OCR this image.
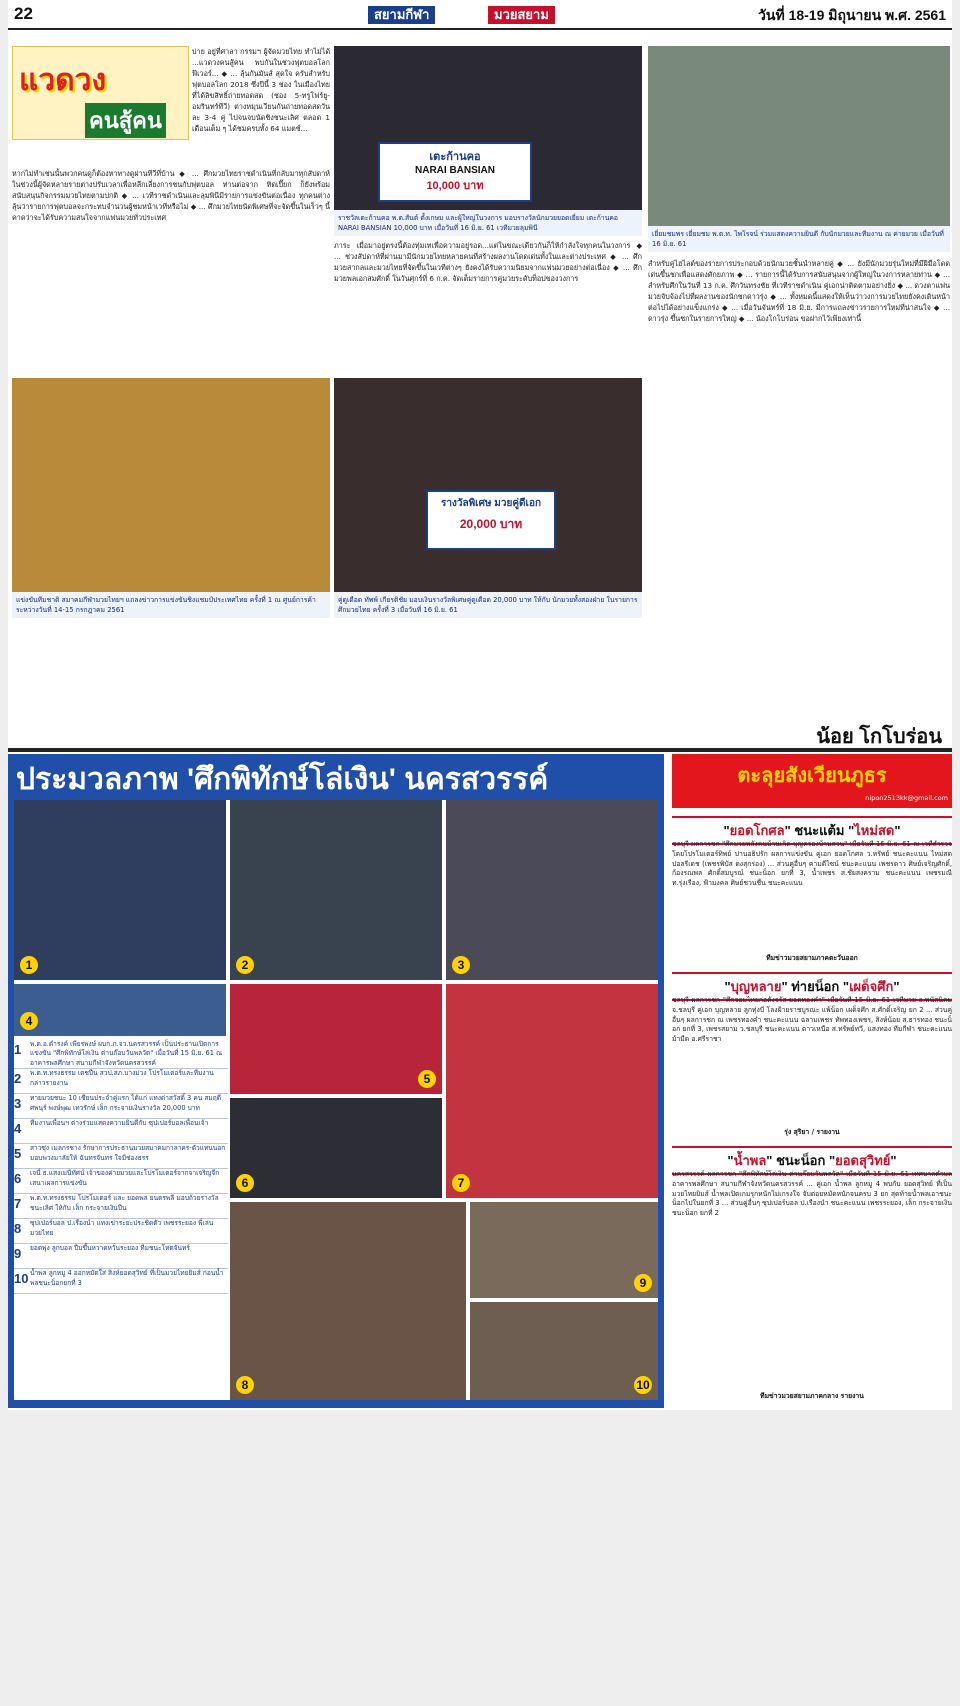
22	สยามกีฬา	มวยสยาม	วันที่ 18-19 มิถุนายน พ.ศ. 2561
แวดวง
คนสู้คน
บ่าย อยู่ที่ศาลา กรรมฯ ผู้จัดมวยไทย ทำไม่ได้ ...แวดวงคนสู้คน พบกันในช่วงฟุตบอลโลก ฟีเวอร์... ◆ ... ลุ้นกันมันส์ สุดใจ ครับสำหรับฟุตบอลโลก 2018 ซึ่งปีนี้ 3 ช่อง ในเมืองไทยที่ได้ลิขสิทธิ์ถ่ายทอดสด (ช่อง 5-ทรูโฟร์ยู-อมรินทร์ทีวี) ต่างหมุนเวียนกันถ่ายทอดสดวันละ 3-4 คู่ ไปจนจบนัดชิงชนะเลิศ ตลอด 1 เดือนเต็ม ๆ ได้ชมครบทั้ง 64 แมตช์...
หากไม่ทำเช่นนั้นพวกคนดูก็ต้องหาทางดูผ่านทีวีที่บ้าน ◆ ... ศึกมวยไทยราชดำเนินที่กลับมาทุกสัปดาห์ ในช่วงนี้ผู้จัดหลายรายต่างปรับเวลาเพื่อหลีกเลี่ยงการชนกับฟุตบอล ท่านต่อจาก ทิดเปี๊ยก ก็ยังพร้อมสนับสนุนกิจกรรมมวยไทยตามปกติ ◆ ... เวทีราชดำเนินและลุมพินีมีรายการแข่งขันต่อเนื่อง ทุกคนต่างลุ้นว่ารายการฟุตบอลจะกระทบจำนวนผู้ชมหน้าเวทีหรือไม่ ◆ ... ศึกมวยไทยนัดพิเศษที่จะจัดขึ้นในเร็วๆ นี้ คาดว่าจะได้รับความสนใจจากแฟนมวยทั่วประเทศ
เตะก้านคอ
NARAI BANSIAN
10,000 บาท
ราชวัลเตะก้านคอ พ.ต.สันต์ ตั้งเกษม และผู้ใหญ่ในวงการ มอบรางวัลนักมวยยอดเยี่ยม เตะก้านคอ NARAI BANSIAN 10,000 บาท เมื่อวันที่ 16 มิ.ย. 61 เวทีมวยลุมพินี
เยี่ยมชมพร เยี่ยมชม พ.ต.ท. ไพโรจน์ ร่วมแสดงความยินดี กับนักมวยและทีมงาน ณ ค่ายมวย เมื่อวันที่ 16 มิ.ย. 61
ภาระ เมื่อมาอยู่ตรงนี้ต้องทุ่มเทเพื่อความอยู่รอด...แต่ในขณะเดียวกันก็ให้กำลังใจทุกคนในวงการ ◆ ... ช่วงสัปดาห์ที่ผ่านมามีนักมวยไทยหลายคนที่สร้างผลงานโดดเด่นทั้งในและต่างประเทศ ◆ ... ศึกมวยสากลและมวยไทยที่จัดขึ้นในเวทีต่างๆ ยังคงได้รับความนิยมจากแฟนมวยอย่างต่อเนื่อง ◆ ... ศึกมวยพลเอกสมศักดิ์ ในวันศุกร์ที่ 6 ก.ค. จัดเต็มรายการคู่มวยระดับท็อปของวงการ
สำหรับคู่ไฮไลต์ของรายการประกอบด้วยนักมวยชั้นนำหลายคู่ ◆ ... ยังมีนักมวยรุ่นใหม่ที่มีฝีมือโดดเด่นขึ้นชกเพื่อแสดงศักยภาพ ◆ ... รายการนี้ได้รับการสนับสนุนจากผู้ใหญ่ในวงการหลายท่าน ◆ ... สำหรับศึกในวันที่ 13 ก.ค. ศึกวันทรงชัย ที่เวทีราชดำเนิน คู่เอกน่าติดตามอย่างยิ่ง ◆ ... ดวงตาแฟนมวยจับจ้องไปที่ผลงานของนักชกดาวรุ่ง ◆ ... ทั้งหมดนี้แสดงให้เห็นว่าวงการมวยไทยยังคงเดินหน้าต่อไปได้อย่างแข็งแกร่ง ◆ ... เมื่อวันจันทร์ที่ 18 มิ.ย. มีการแถลงข่าวรายการใหม่ที่น่าสนใจ ◆ ... ดาวรุ่ง ขึ้นชกในรายการใหญ่ ◆ ... น้องโกโบร่อน ขอฝากไว้เพียงเท่านี้
แข่งขันทีมชาติ สมาคมกีฬามวยไทยฯ แถลงข่าวการแข่งขันชิงแชมป์ประเทศไทย ครั้งที่ 1 ณ ศูนย์การค้า ระหว่างวันที่ 14-15 กรกฎาคม 2561
รางวัลพิเศษ มวยคู่ดีเอก
20,000 บาท
คู่ดูเดือด ทัพพ์ เกียรติชัย มอบเงินรางวัลพิเศษคู่ดูเดือด 20,000 บาท ให้กับ นักมวยทั้งสองฝ่าย ในรายการศึกมวยไทย ครั้งที่ 3 เมื่อวันที่ 16 มิ.ย. 61
น้อย โกโบร่อน
ประมวลภาพ 'ศึกพิทักษ์โล่เงิน' นครสวรรค์
1	2	3
4
5
6	7
8
9
10
1 พ.ต.อ.ดำรงค์ เพียรพงษ์ ผบก.ภ.จว.นครสวรรค์ เป็นประธานเปิดการแข่งขัน "ศึกพิทักษ์โล่เงิน ด่านก๊อบวันพลวัต" เมื่อวันที่ 15 มิ.ย. 61 ณ อาคารพลศึกษา สนามกีฬาจังหวัดนครสวรรค์
2 พ.ต.ท.ทรงธรรม เตชปืน สวป.สภ.บางม่วง โปรโมเตอร์และทีมงานกล่าวรายงาน
3 ทายมวยชนะ 10 เซียนประจำคู่แรก ได้แก่ แทงด่าสวัสดิ์ 3 คน สมฤดี ศพนุร์ พงษ์พุฒ เทวรักษ์ เล็ก กระจายเงินรางวัล 20,000 บาท
4 ทีมงานเพื่อนฯ ต่างร่วมแสดงความยินดีกับ ซุปเปอร์บอลเพื่อนเจ้า
5 สาวซุ่ง เมลกรชาง รักษาการประธานมวยสมาคมกาลาคร-ตัวแทนนอก มอบพวงมาลัยให้ ฉันทรจันทร ใจมีช่องธรร
6 เจนี่ ธ.แสงเมนีทัศน์ เจ้าของค่ายมวยและโปรโมเตอร์จากจาเจริญจีก เสนาเผลการแข่งขัน
7 พ.ต.ท.ทรงธรรม โปรโมเตอร์ และ ยอดพล ยนตรพลี มอบถ้วยรางวัลชนะเลิศ ให้กับ เล็ก กระจายเงินปืน
8 ซุปเปอร์บอล ป.เรืองนำ แทงเข่าระยะประชิดตัว เพชรระยอง พี่เล่นมวยไทย
9 ยอดพุ่ง ลูกบอล ปีบขึ้นหวาดหวั่นระยอง ทีมชนะโหตจันทร์
10 น้ำพล ลูกหมู 4 ออกหมัดใส่ สิงห์ยอดสุวิทย์ ที่เป็นมวยไทยยิมส์ ก่อนน้ำพลชนะน็อกยกที่ 3
ตะลุยสังเวียนภูธร
nipon2513kk@gmail.com
"ยอดโกศล" ชนะแต้ม "ไหม่สด"
ชลบุรี ผลการชก "ศึกมวยพลังคนบ้านเกิด-บุญครองบ้านสวน" เมื่อวันที่ 16 มิ.ย. 61 ณ เวทีสำรวจ โดยโปรโมเตอร์ทิพย์ ปานอธิปรัก ผลการแข่งขัน คู่เอก ยอดโกศล ว.ทรัพย์ ชนะคะแนน ไหม่สด ปอลรีเดช (เพชรพิบัส ดงสุกร่อง) ... ส่วนคู่อื่นๆ คามดีไซน์ ชนะคะแนน เพชรดาว ศิษย์เจริญศักดิ์, ก้องรณพล ศักดิ์สมบูรณ์ ชนะน็อก ยกที่ 3, น้ำเพชร ส.ชัยสงคราม ชนะคะแนน เพชรมณี ท.รุ่งเรือง, ฟ้ามงคล ศิษย์ชวนชื่น ชนะคะแนน
ทีมข่าวมวยสยามภาคตะวันออก
"บุญหลาย" ท่ายน็อก "เผด็จศึก"
ชลบุรี ผลการชก "ศึกจอมไทยก่อตั้งจรัส-ยอดทองคำ" เมื่อวันที่ 15 มิ.ย. 61 เวทีมวย อ.พนัสนิคม จ.ชลบุรี คู่เอก บุญหลาย ลูกทุ่งบี โลงฝ้ายราชบูรณะ แพ้น็อก เผด็จศึก ส.ศักดิ์เจริญ ยก 2 ... ส่วนคู่อื่นๆ ผลการชก ณ เพชรทองคำ ชนะคะแนน ฉลามเพชร ทัพทองเพชร, สิงห์น้อย ส.ธารทอง ชนะน็อก ยกที่ 3, เพชรสยาม ว.ชลบุรี ชนะคะแนน ดาวเหนือ ส.ทรัพย์ทวี, แสงทอง ทีมกีฬา ชนะคะแนน ม้ามืด อ.ศรีราชา
รุ่ง สุริยา / รายงาน
"น้ำพล" ชนะน็อก "ยอดสุวิทย์"
นครสวรรค์ ผลการชก "ศึกพิทักษ์โล่เงิน ด่านก๊อบวันพลวัต" เมื่อวันที่ 15 มิ.ย. 61 เทศบาลตำบล อาคารพลศึกษา สนามกีฬาจังหวัดนครสวรรค์ ... คู่เอก น้ำพล ลูกหมู 4 พบกับ ยอดสุวิทย์ ที่เป็นมวยไทยยิมส์ น้ำพลเปิดเกมรุกหนักไม่เกรงใจ จับต่อยหมัดหนักจนครบ 3 ยก สุดท้ายน้ำพลเอาชนะน็อกไปในยกที่ 3 ... ส่วนคู่อื่นๆ ซุปเปอร์บอล ป.เรืองนำ ชนะคะแนน เพชรระยอง, เล็ก กระจายเงิน ชนะน็อก ยกที่ 2
ทีมข่าวมวยสยามภาคกลาง รายงาน
